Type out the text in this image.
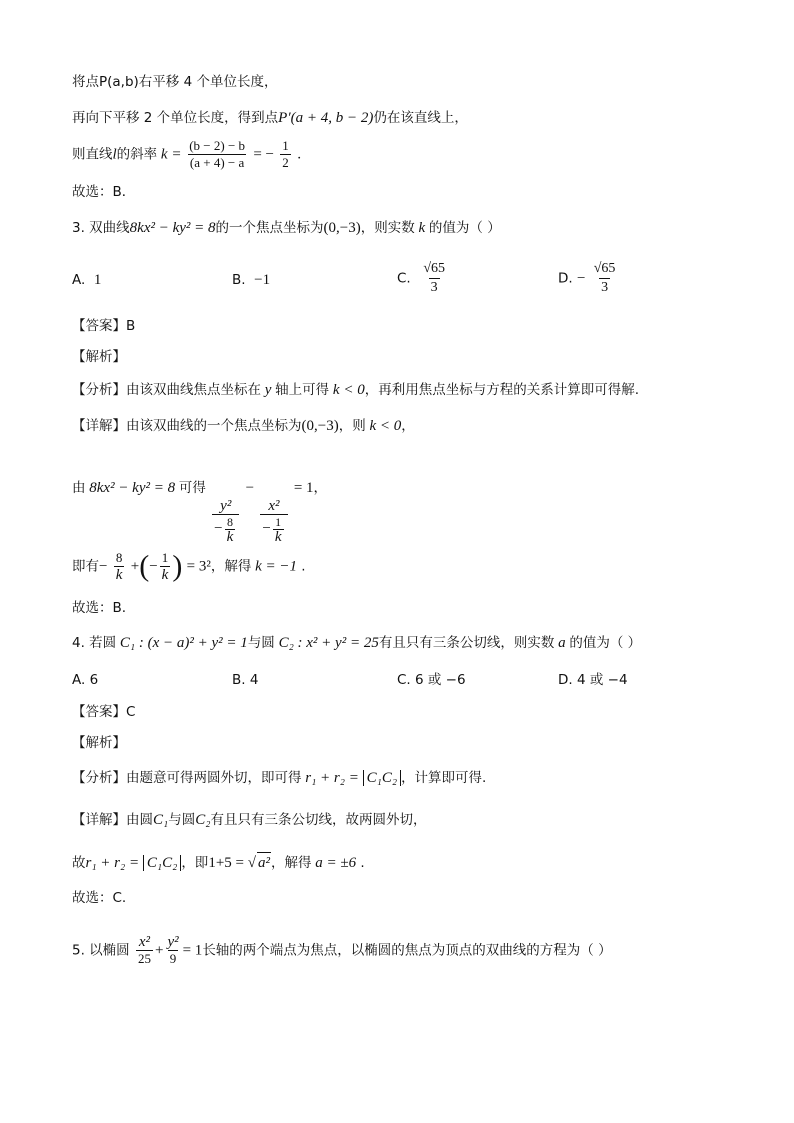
将点P(a,b)右平移 4 个单位长度，
再向下平移 2 个单位长度，得到点P′(a + 4, b − 2)仍在该直线上，
则直线l的斜率 $k = \frac{(b - 2) - b}{(a + 4) - a}$ = − $\frac{1}{2}$ ．
故选：B．
3. 双曲线8kx² − ky² = 8的一个焦点坐标为(0,−3)，则实数 k 的值为（ ）
A. 1	B. −1	C. $\frac{√65}{3}$	D. − $\frac{√65}{3}$
【答案】B
【解析】
【分析】由该双曲线焦点坐标在 y 轴上可得 k < 0，再利用焦点坐标与方程的关系计算即可得解.
【详解】由该双曲线的一个焦点坐标为(0,−3)，则 k < 0，
由 8kx² − ky² = 8 可得
$\frac{\text{y²}}{- \frac{8}{k}}$
−
$\frac{\text{x²}}{- \frac{1}{k}}$
= 1，
即有− $\frac{8}{k}$ +(− $\frac{1}{k}$ ) = 3²，解得 k = −1 .
故选：B.
4. 若圆 C₁ : (x − a)² + y² = 1与圆 C₂ : x² + y² = 25有且只有三条公切线，则实数 a 的值为（ ）
A. 6	B. 4	C. 6 或 −6	D. 4 或 −4
【答案】C
【解析】
【分析】由题意可得两圆外切，即可得 r₁ + r₂ = C₁C₂ ，计算即可得.
【详解】由圆C₁与圆C₂有且只有三条公切线，故两圆外切，
故r₁ + r₂ = C₁C₂ ，即1+5 = √ a²，解得 a = ±6 .
故选：C.
5. 以椭圆 $\frac{\text{x²}}{25} + \frac{\text{y²}}{9} = 1$长轴的两个端点为焦点，以椭圆的焦点为顶点的双曲线的方程为（ ）
